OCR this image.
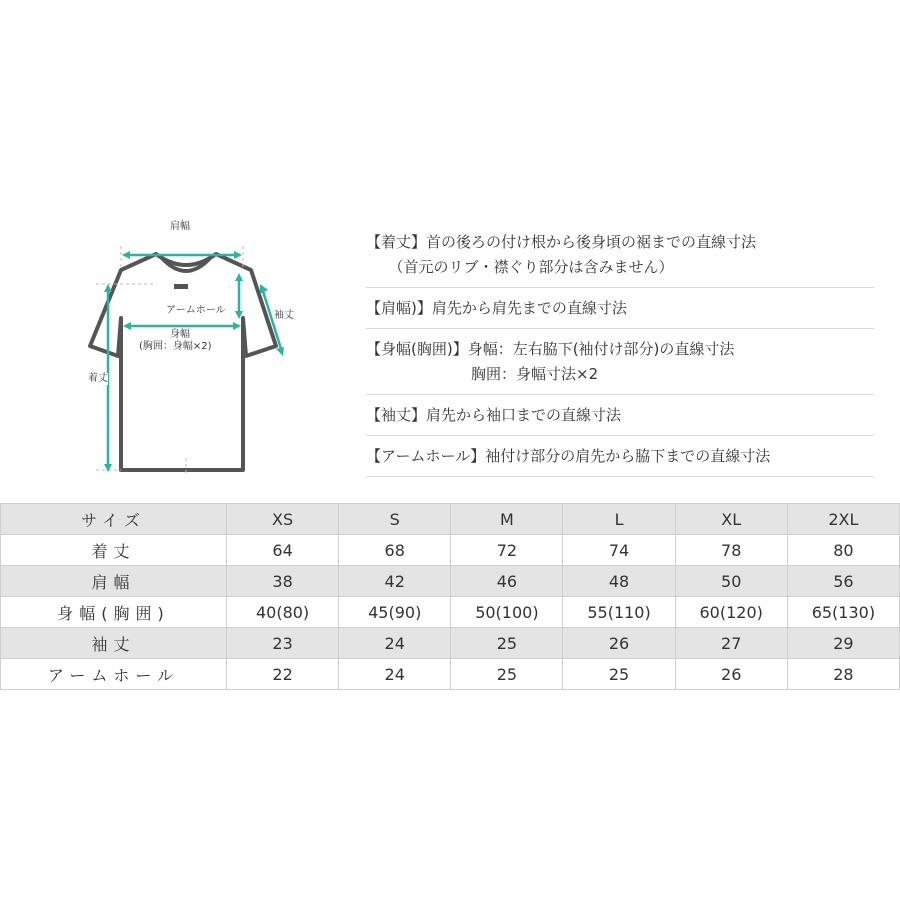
肩幅
袖丈
アームホール
身幅
(胸囲：身幅×2)
着丈
【着丈】首の後ろの付け根から後身頃の裾までの直線寸法
　　（首元のリブ・襟ぐり部分は含みません）
【肩幅)】肩先から肩先までの直線寸法
【身幅(胸囲)】身幅：左右脇下(袖付け部分)の直線寸法
　　　　　　　胸囲：身幅寸法×2
【袖丈】肩先から袖口までの直線寸法
【アームホール】袖付け部分の肩先から脇下までの直線寸法
サイズ	XS	S	M	L	XL	2XL
着丈	64	68	72	74	78	80
肩幅	38	42	46	48	50	56
身幅(胸囲)	40(80)	45(90)	50(100)	55(110)	60(120)	65(130)
袖丈	23	24	25	26	27	29
アームホール	22	24	25	25	26	28
